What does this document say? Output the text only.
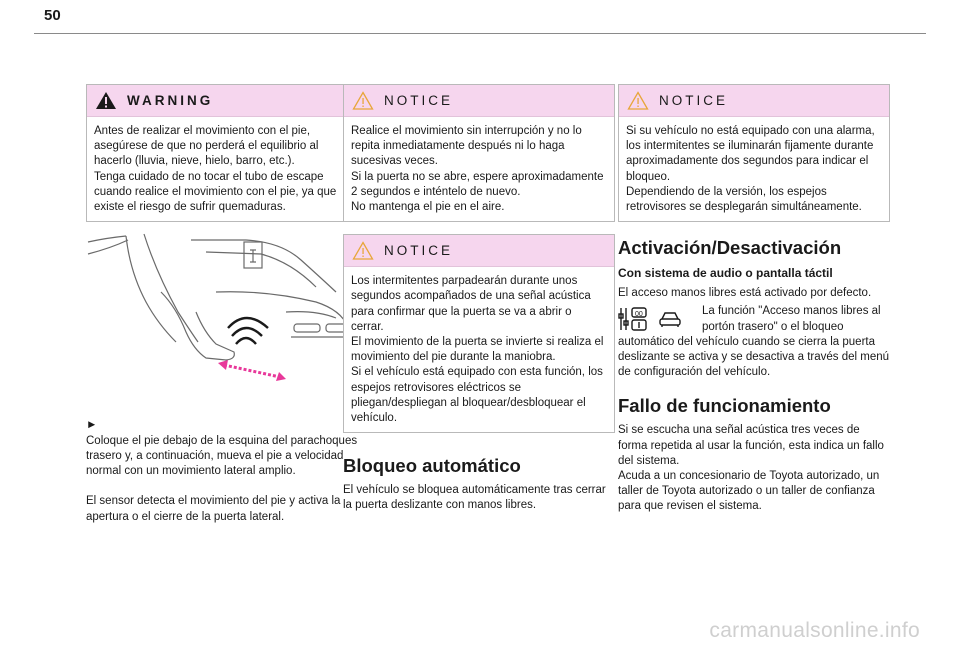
50
WARNING
Antes de realizar el movimiento con el pie, asegúrese de que no perderá el equilibrio al hacerlo (lluvia, nieve, hielo, barro, etc.).
Tenga cuidado de no tocar el tubo de escape cuando realice el movimiento con el pie, ya que existe el riesgo de sufrir quemaduras.

►
Coloque el pie debajo de la esquina del parachoques trasero y, a continuación, mueva el pie a velocidad normal con un movimiento lateral amplio.

El sensor detecta el movimiento del pie y activa la apertura o el cierre de la puerta lateral.

NOTICE
Realice el movimiento sin interrupción y no lo repita inmediatamente después ni lo haga sucesivas veces.
Si la puerta no se abre, espere aproximadamente 2 segundos e inténtelo de nuevo.
No mantenga el pie en el aire.
NOTICE
Los intermitentes parpadearán durante unos segundos acompañados de una señal acústica para confirmar que la puerta se va a abrir o cerrar.
El movimiento de la puerta se invierte si realiza el movimiento del pie durante la maniobra.
Si el vehículo está equipado con esta función, los espejos retrovisores eléctricos se pliegan/despliegan al bloquear/desbloquear el vehículo.
Bloqueo automático
El vehículo se bloquea automáticamente tras cerrar la puerta deslizante con manos libres.
NOTICE
Si su vehículo no está equipado con una alarma, los intermitentes se iluminarán fijamente durante aproximadamente dos segundos para indicar el bloqueo.
Dependiendo de la versión, los espejos retrovisores se desplegarán simultáneamente.
Activación/Desactivación
Con sistema de audio o pantalla táctil
El acceso manos libres está activado por defecto.
00	La función "Acceso manos libres al portón trasero" o el bloqueo automático del vehículo cuando se cierra la puerta deslizante se activa y se desactiva a través del menú de configuración del vehículo.
Fallo de funcionamiento
Si se escucha una señal acústica tres veces de forma repetida al usar la función, esta indica un fallo del sistema.
Acuda a un concesionario de Toyota autorizado, un taller de Toyota autorizado o un taller de confianza para que revisen el sistema.
carmanualsonline.info
